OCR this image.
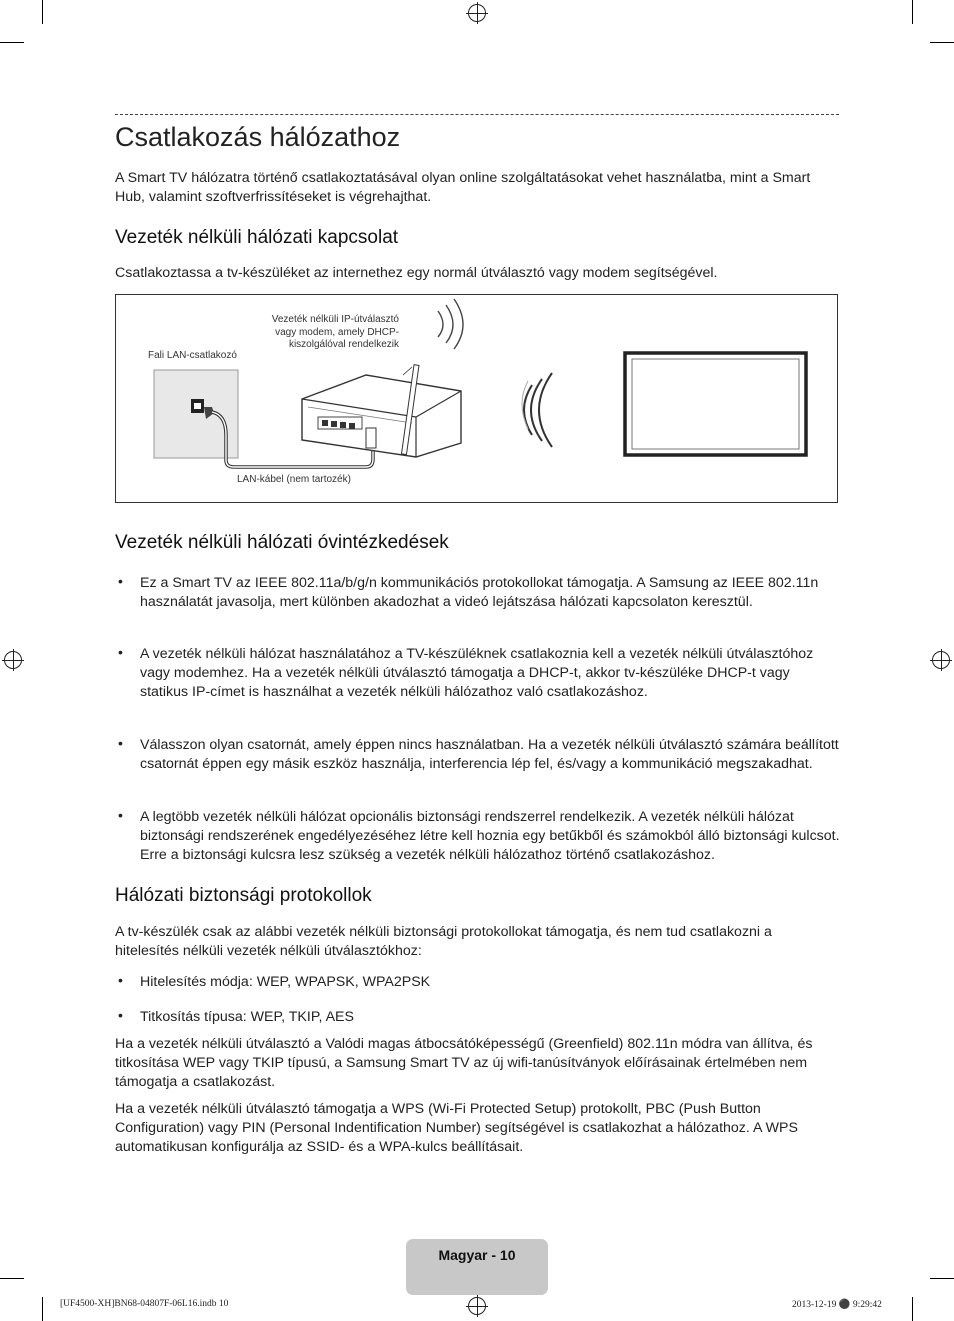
Csatlakozás hálózathoz
A Smart TV hálózatra történő csatlakoztatásával olyan online szolgáltatásokat vehet használatba, mint a Smart Hub, valamint szoftverfrissítéseket is végrehajthat.
Vezeték nélküli hálózati kapcsolat
Csatlakoztassa a tv-készüléket az internethez egy normál útválasztó vagy modem segítségével.
Fali LAN-csatlakozó
Vezeték nélküli IP-útválasztó
vagy modem, amely DHCP-
kiszolgálóval rendelkezik
LAN-kábel (nem tartozék)
Vezeték nélküli hálózati óvintézkedések
• Ez a Smart TV az IEEE 802.11a/b/g/n kommunikációs protokollokat támogatja. A Samsung az IEEE 802.11n használatát javasolja, mert különben akadozhat a videó lejátszása hálózati kapcsolaton keresztül.
• A vezeték nélküli hálózat használatához a TV-készüléknek csatlakoznia kell a vezeték nélküli útválasztóhoz vagy modemhez. Ha a vezeték nélküli útválasztó támogatja a DHCP-t, akkor tv-készüléke DHCP-t vagy statikus IP-címet is használhat a vezeték nélküli hálózathoz való csatlakozáshoz.
• Válasszon olyan csatornát, amely éppen nincs használatban. Ha a vezeték nélküli útválasztó számára beállított csatornát éppen egy másik eszköz használja, interferencia lép fel, és/vagy a kommunikáció megszakadhat.
• A legtöbb vezeték nélküli hálózat opcionális biztonsági rendszerrel rendelkezik. A vezeték nélküli hálózat biztonsági rendszerének engedélyezéséhez létre kell hoznia egy betűkből és számokból álló biztonsági kulcsot. Erre a biztonsági kulcsra lesz szükség a vezeték nélküli hálózathoz történő csatlakozáshoz.
Hálózati biztonsági protokollok
A tv-készülék csak az alábbi vezeték nélküli biztonsági protokollokat támogatja, és nem tud csatlakozni a hitelesítés nélküli vezeték nélküli útválasztókhoz:
• Hitelesítés módja: WEP, WPAPSK, WPA2PSK
• Titkosítás típusa: WEP, TKIP, AES
Ha a vezeték nélküli útválasztó a Valódi magas átbocsátóképességű (Greenfield) 802.11n módra van állítva, és titkosítása WEP vagy TKIP típusú, a Samsung Smart TV az új wifi-tanúsítványok előírásainak értelmében nem támogatja a csatlakozást.
Ha a vezeték nélküli útválasztó támogatja a WPS (Wi-Fi Protected Setup) protokollt, PBC (Push Button Configuration) vagy PIN (Personal Indentification Number) segítségével is csatlakozhat a hálózathoz. A WPS automatikusan konfigurálja az SSID- és a WPA-kulcs beállításait.
Magyar - 10
[UF4500-XH]BN68-04807F-06L16.indb 10	2013-12-19 ⚫ 9:29:42
